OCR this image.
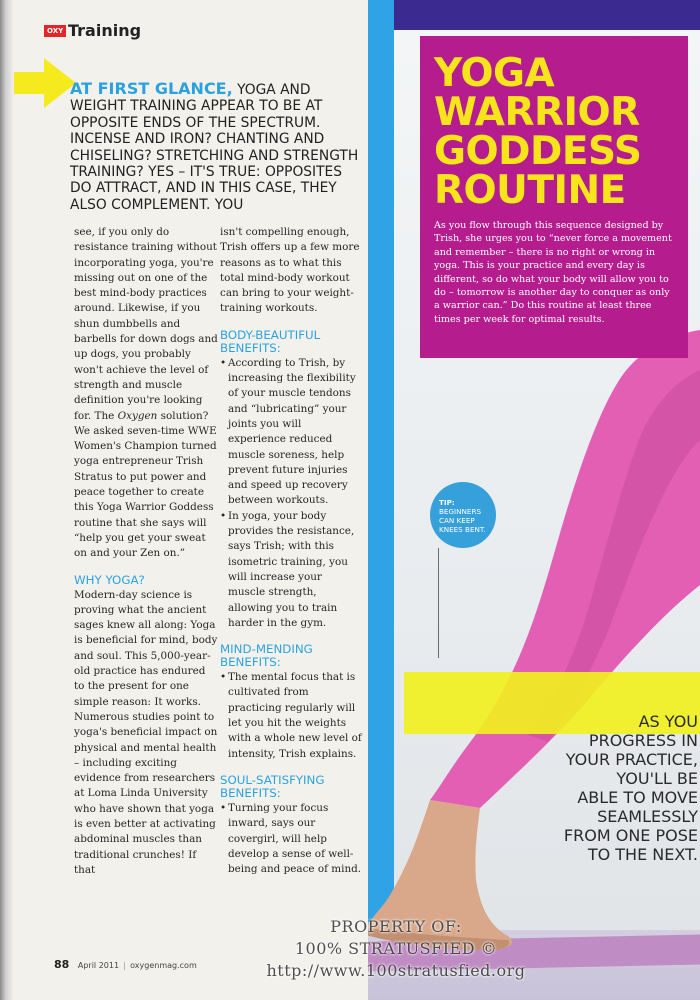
YOGA
WARRIOR
GODDESS
ROUTINE

As you flow through this sequence designed by Trish, she urges you to “never force a movement and remember – there is no right or wrong in yoga. This is your practice and every day is different, so do what your body will allow you to do – tomorrow is another day to conquer as only a warrior can.” Do this routine at least three times per week for optimal results.

TIP:
BEGINNERS CAN KEEP KNEES BENT.
AS YOU
PROGRESS IN
YOUR PRACTICE,
YOU'LL BE
ABLE TO MOVE
SEAMLESSLY
FROM ONE POSE
TO THE NEXT.
OXY Training
AT FIRST GLANCE, YOGA AND WEIGHT TRAINING APPEAR TO BE AT OPPOSITE ENDS OF THE SPECTRUM. INCENSE AND IRON? CHANTING AND CHISELING? STRETCHING AND STRENGTH TRAINING? YES – IT'S TRUE: OPPOSITES DO ATTRACT, AND IN THIS CASE, THEY ALSO COMPLEMENT. YOU

see, if you only do resistance training without incorporating yoga, you're missing out on one of the best mind-body practices around. Likewise, if you shun dumbbells and barbells for down dogs and up dogs, you probably won't achieve the level of strength and muscle definition you're looking for. The Oxygen solution? We asked seven-time WWE Women's Champion turned yoga entrepreneur Trish Stratus to put power and peace together to create this Yoga Warrior Goddess routine that she says will “help you get your sweat on and your Zen on.”

WHY YOGA?

Modern-day science is proving what the ancient sages knew all along: Yoga is beneficial for mind, body and soul. This 5,000-year-old practice has endured to the present for one simple reason: It works. Numerous studies point to yoga's beneficial impact on physical and mental health – including exciting evidence from researchers at Loma Linda University who have shown that yoga is even better at activating abdominal muscles than traditional crunches! If that

isn't compelling enough, Trish offers up a few more reasons as to what this total mind-body workout can bring to your weight-training workouts.

BODY-BEAUTIFUL BENEFITS:
• According to Trish, by increasing the flexibility of your muscle tendons and “lubricating” your joints you will experience reduced muscle soreness, help prevent future injuries and speed up recovery between workouts.
• In yoga, your body provides the resistance, says Trish; with this isometric training, you will increase your muscle strength, allowing you to train harder in the gym.
MIND-MENDING BENEFITS:
• The mental focus that is cultivated from practicing regularly will let you hit the weights with a whole new level of intensity, Trish explains.
SOUL-SATISFYING BENEFITS:
• Turning your focus inward, says our covergirl, will help develop a sense of well-being and peace of mind.
88 April 2011 | oxygenmag.com
PROPERTY OF:
100% STRATUSFIED ©
http://www.100stratusfied.org
